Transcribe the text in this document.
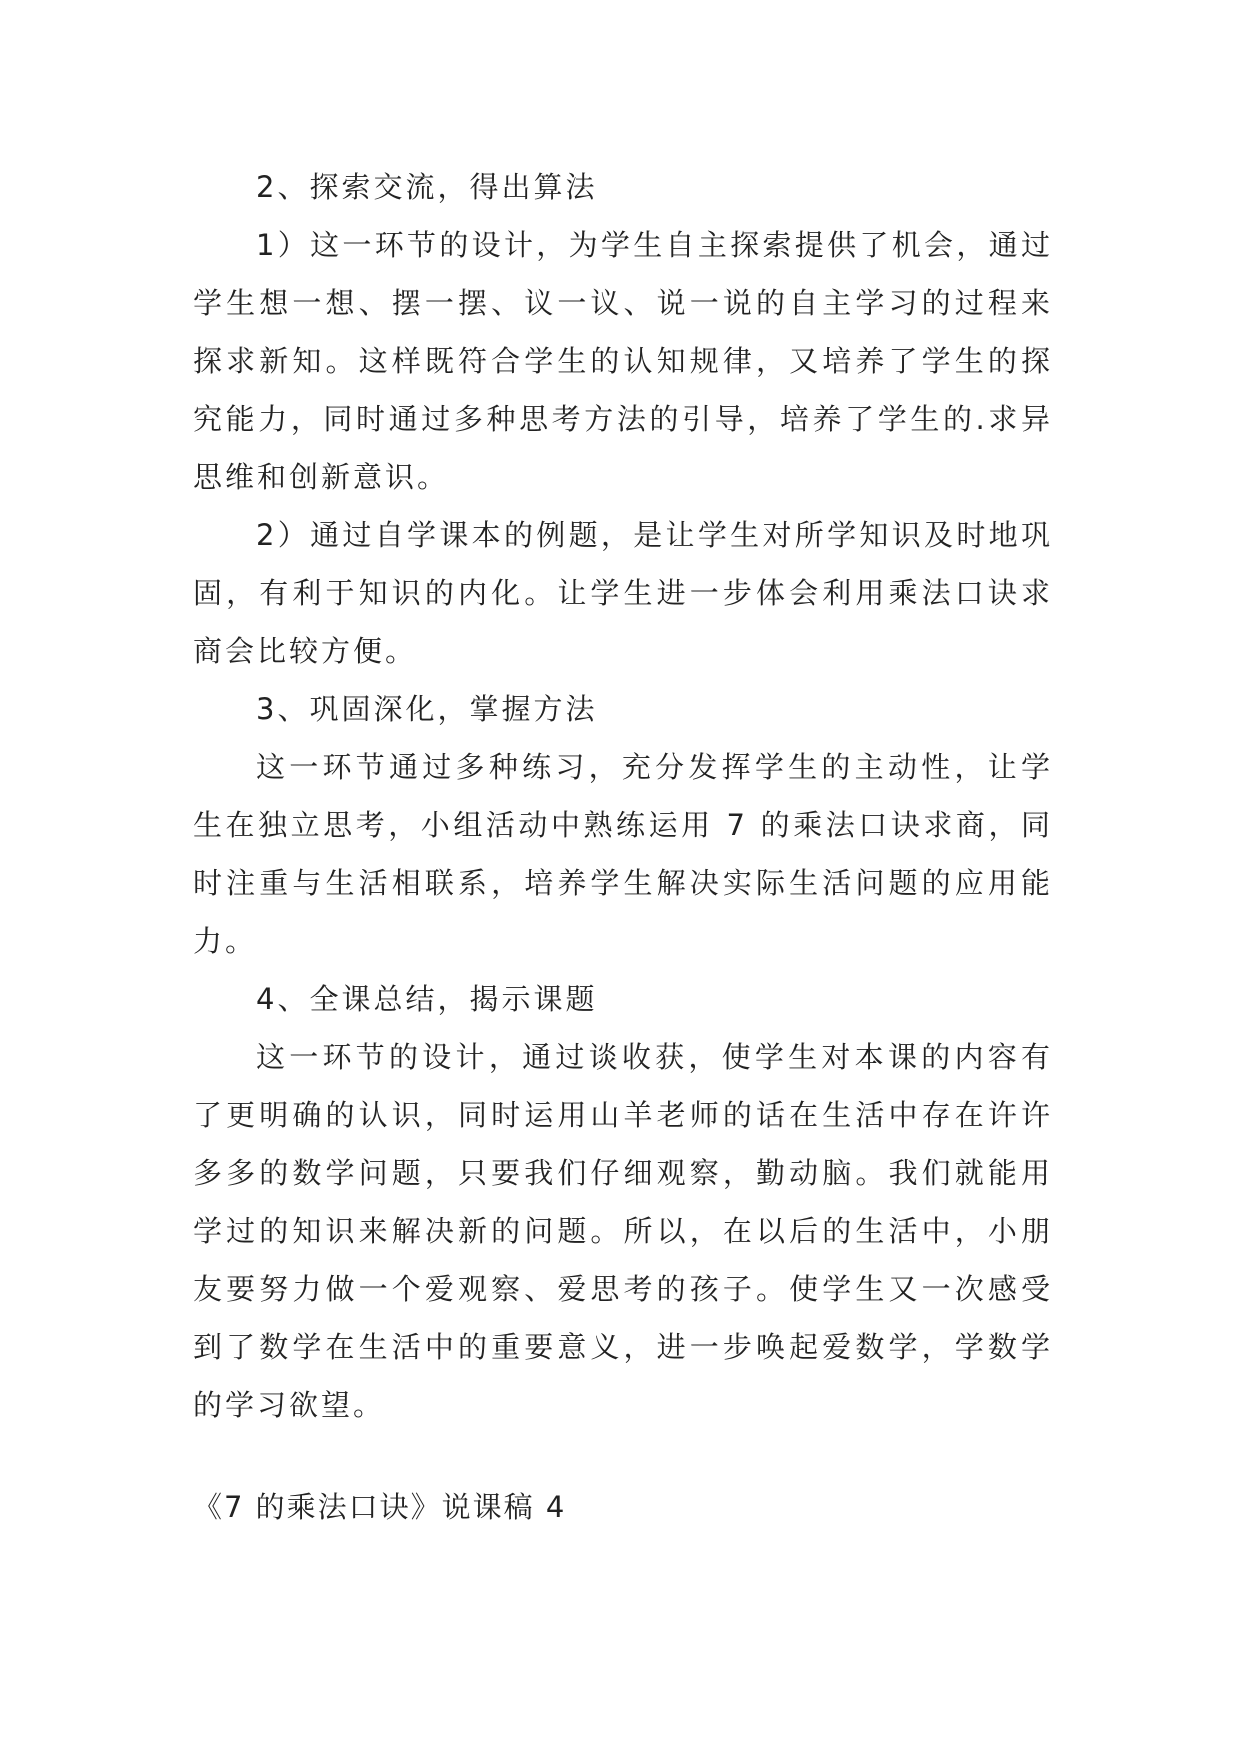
2、探索交流，得出算法

1）这一环节的设计，为学生自主探索提供了机会，通过学生想一想、摆一摆、议一议、说一说的自主学习的过程来探求新知。这样既符合学生的认知规律，又培养了学生的探究能力，同时通过多种思考方法的引导，培养了学生的.求异思维和创新意识。

2）通过自学课本的例题，是让学生对所学知识及时地巩固，有利于知识的内化。让学生进一步体会利用乘法口诀求商会比较方便。

3、巩固深化，掌握方法

这一环节通过多种练习，充分发挥学生的主动性，让学生在独立思考，小组活动中熟练运用 7 的乘法口诀求商，同时注重与生活相联系，培养学生解决实际生活问题的应用能力。

4、全课总结，揭示课题

这一环节的设计，通过谈收获，使学生对本课的内容有了更明确的认识，同时运用山羊老师的话在生活中存在许许多多的数学问题，只要我们仔细观察，勤动脑。我们就能用学过的知识来解决新的问题。所以，在以后的生活中，小朋友要努力做一个爱观察、爱思考的孩子。使学生又一次感受到了数学在生活中的重要意义，进一步唤起爱数学，学数学的学习欲望。

《7 的乘法口诀》说课稿 4
